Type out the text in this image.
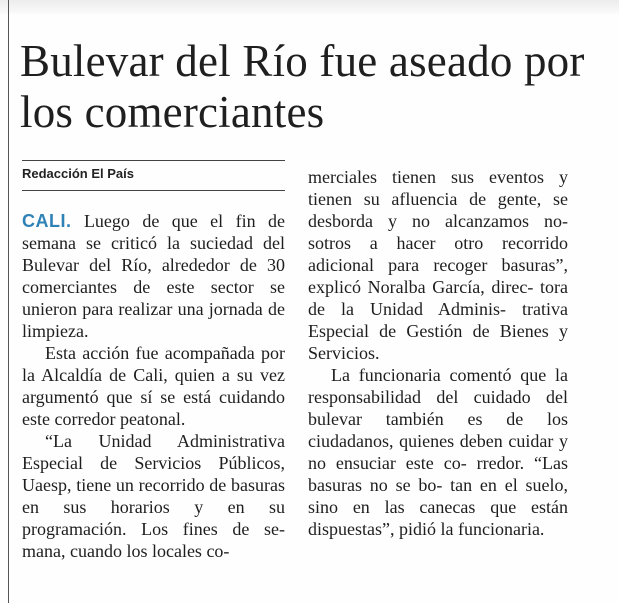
Bulevar del Río fue aseado por los comerciantes
Redacción El País

CALI. Luego de que el fin de semana se criticó la suciedad del Bulevar del Río, alrededor de 30 comerciantes de este sector se unieron para realizar una jornada de limpieza.

Esta acción fue acompañada por la Alcaldía de Cali, quien a su vez argumentó que sí se está cuidando este corredor peatonal.

“La Unidad Administrativa Especial de Servicios Públicos, Uaesp, tiene un recorrido de basuras en sus horarios y en su programación. Los fines de se- mana, cuando los locales co-

merciales tienen sus eventos y tienen su afluencia de gente, se desborda y no alcanzamos no- sotros a hacer otro recorrido adicional para recoger basuras”, explicó Noralba García, direc- tora de la Unidad Adminis- trativa Especial de Gestión de Bienes y Servicios.

La funcionaria comentó que la responsabilidad del cuidado del bulevar también es de los ciudadanos, quienes deben cuidar y no ensuciar este co- rredor. “Las basuras no se bo- tan en el suelo, sino en las canecas que están dispuestas”, pidió la funcionaria.
